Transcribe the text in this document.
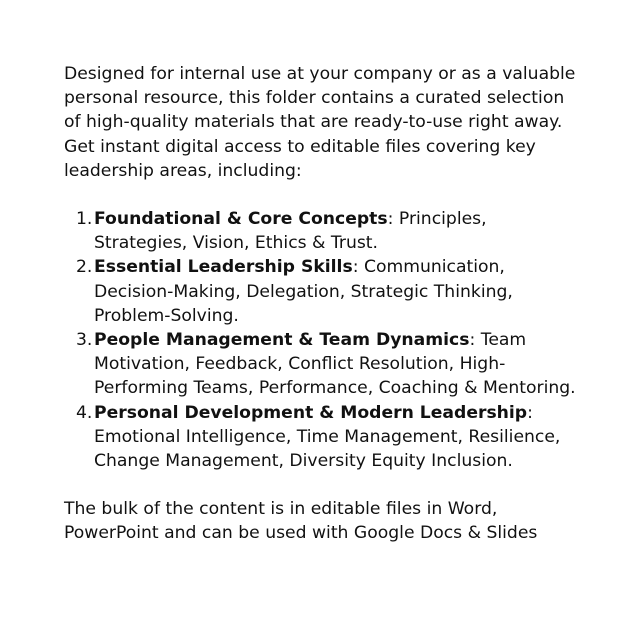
Designed for internal use at your company or as a valuable personal resource, this folder contains a curated selection of high-quality materials that are ready-to-use right away.

Get instant digital access to editable files covering key leadership areas, including:

1. Foundational & Core Concepts: Principles, Strategies, Vision, Ethics & Trust.
2. Essential Leadership Skills: Communication, Decision-Making, Delegation, Strategic Thinking, Problem-Solving.
3. People Management & Team Dynamics: Team Motivation, Feedback, Conflict Resolution, High-Performing Teams, Performance, Coaching & Mentoring.
4. Personal Development & Modern Leadership: Emotional Intelligence, Time Management, Resilience, Change Management, Diversity Equity Inclusion.

The bulk of the content is in editable files in Word, PowerPoint and can be used with Google Docs & Slides
